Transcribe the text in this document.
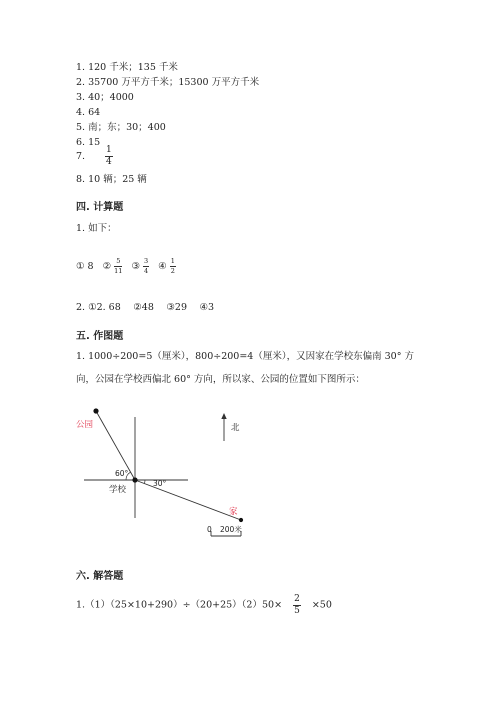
1. 120 千米；135 千米
2. 35700 万平方千米；15300 万平方千米
3. 40；4000
4. 64
5. 南；东；30；400
6. 15
7. $\frac{1}{4}$
8. 10 辆；25 辆
四. 计算题
1. 如下：
① 8 ② $\frac{5}{11}$ ③ $\frac{3}{4}$ ④ $\frac{1}{2}$
2. ①2. 68　 ②48　 ③29　 ④3
五. 作图题
1. 1000÷200=5（厘米），800÷200=4（厘米），又因家在学校东偏南 30° 方
向，公园在学校西偏北 60° 方向，所以家、公园的位置如下图所示：
公园
60°
30°
学校
家
北
0 200米
六. 解答题
$1.(1)(25\times 10+290)\div(20+25)(2)50\times \frac{2}{5} \times 50$
